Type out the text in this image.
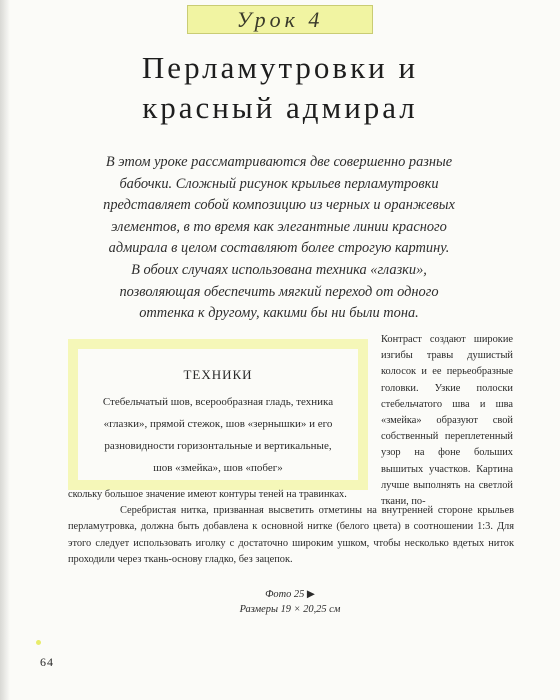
Урок 4
Перламутровки и
красный адмирал

В этом уроке рассматриваются две совершенно разные

бабочки. Сложный рисунок крыльев перламутровки

представляет собой композицию из черных и оранжевых

элементов, в то время как элегантные линии красного

адмирала в целом составляют более строгую картину.

В обоих случаях использована техника «глазки»,

позволяющая обеспечить мягкий переход от одного

оттенка к другому, какими бы ни были тона.

ТЕХНИКИ

Стебельчатый шов, всерообразная гладь, техника
«глазки», прямой стежок, шов «зернышки» и его
разновидности горизонтальные и вертикальные,
шов «змейка», шов «побег»

Контраст создают широкие изгибы травы душистый колосок и ее перьеобразные головки. Узкие полоски стебельчатого шва и шва «змейка» образуют свой собственный переплетенный узор на фоне больших вышитых участков. Картина лучше выполнять на светлой ткани, по-

скольку большое значение имеют контуры теней на травинках.

Серебристая нитка, призванная высветить отметины на внутренней стороне крыльев перламутровка, должна быть добавлена к основной нитке (белого цвета) в соотношении 1:3. Для этого следует использовать иголку с достаточно широким ушком, чтобы несколько вдетых ниток проходили через ткань-основу гладко, без зацепок.

Фото 25 ▶
Размеры 19 × 20,25 см
64
